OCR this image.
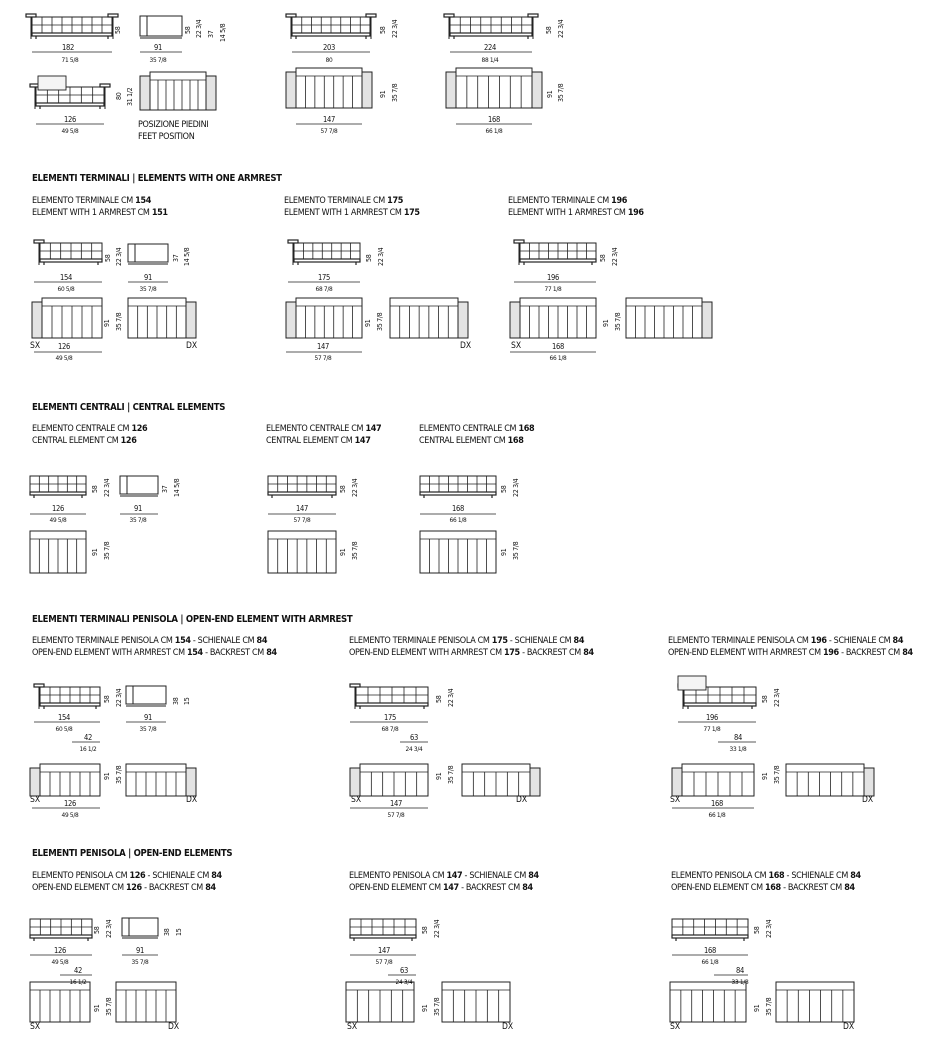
182
71 5/8
58
91
35 7/8
58 22 3/4 37 14 5/8
203
80
58 22 3/4
224
88 1/4
58 22 3/4
126
49 5/8
80 31 1/2
POSIZIONE PIEDINI
FEET POSITION
147
57 7/8
91 35 7/8
168
66 1/8
91 35 7/8
ELEMENTI TERMINALI | ELEMENTS WITH ONE ARMREST
ELEMENTO TERMINALE CM 154
ELEMENT WITH 1 ARMREST CM 151
ELEMENTO TERMINALE CM 175
ELEMENT WITH 1 ARMREST CM 175
ELEMENTO TERMINALE CM 196
ELEMENT WITH 1 ARMREST CM 196
154
60 5/8
58 22 3/4
91
35 7/8
37 14 5/8
175
68 7/8
58 22 3/4
196
77 1/8
58 22 3/4
SX	DX
126
49 5/8
91 35 7/8
DX
147
57 7/8
91 35 7/8
SX	168
66 1/8
91 35 7/8
ELEMENTI CENTRALI | CENTRAL ELEMENTS
ELEMENTO CENTRALE CM 126
CENTRAL ELEMENT CM 126
ELEMENTO CENTRALE CM 147
CENTRAL ELEMENT CM 147
ELEMENTO CENTRALE CM 168
CENTRAL ELEMENT CM 168
126
49 5/8
58 22 3/4
91
35 7/8
37 14 5/8
147
57 7/8
58 22 3/4
168
66 1/8
58 22 3/4
91 35 7/8	91 35 7/8	91 35 7/8
ELEMENTI TERMINALI PENISOLA | OPEN-END ELEMENT WITH ARMREST
ELEMENTO TERMINALE PENISOLA CM 154 - SCHIENALE CM 84
OPEN-END ELEMENT WITH ARMREST CM 154 - BACKREST CM 84
ELEMENTO TERMINALE PENISOLA CM 175 - SCHIENALE CM 84
OPEN-END ELEMENT WITH ARMREST CM 175 - BACKREST CM 84
ELEMENTO TERMINALE PENISOLA CM 196 - SCHIENALE CM 84
OPEN-END ELEMENT WITH ARMREST CM 196 - BACKREST CM 84
154
60 5/8
58 22 3/4
91
35 7/8
38 15
42
16 1/2
175
68 7/8
58 22 3/4
63
24 3/4
196
77 1/8
58 22 3/4
84
33 1/8
SX	126
49 5/8
91 35 7/8
DX	SX	147
57 7/8
91 35 7/8
DX	SX	168
66 1/8
91 35 7/8
DX
ELEMENTI PENISOLA | OPEN-END ELEMENTS
ELEMENTO PENISOLA CM 126 - SCHIENALE CM 84
OPEN-END ELEMENT CM 126 - BACKREST CM 84
ELEMENTO PENISOLA CM 147 - SCHIENALE CM 84
OPEN-END ELEMENT CM 147 - BACKREST CM 84
ELEMENTO PENISOLA CM 168 - SCHIENALE CM 84
OPEN-END ELEMENT CM 168 - BACKREST CM 84
126
49 5/8
58 22 3/4
91
35 7/8
38 15
42
16 1/2
147
57 7/8
58 22 3/4
63
24 3/4
168
66 1/8
58 22 3/4
84
33 1/8
SX
91 35 7/8
DX	SX
91 35 7/8
DX	SX
91 35 7/8
DX
